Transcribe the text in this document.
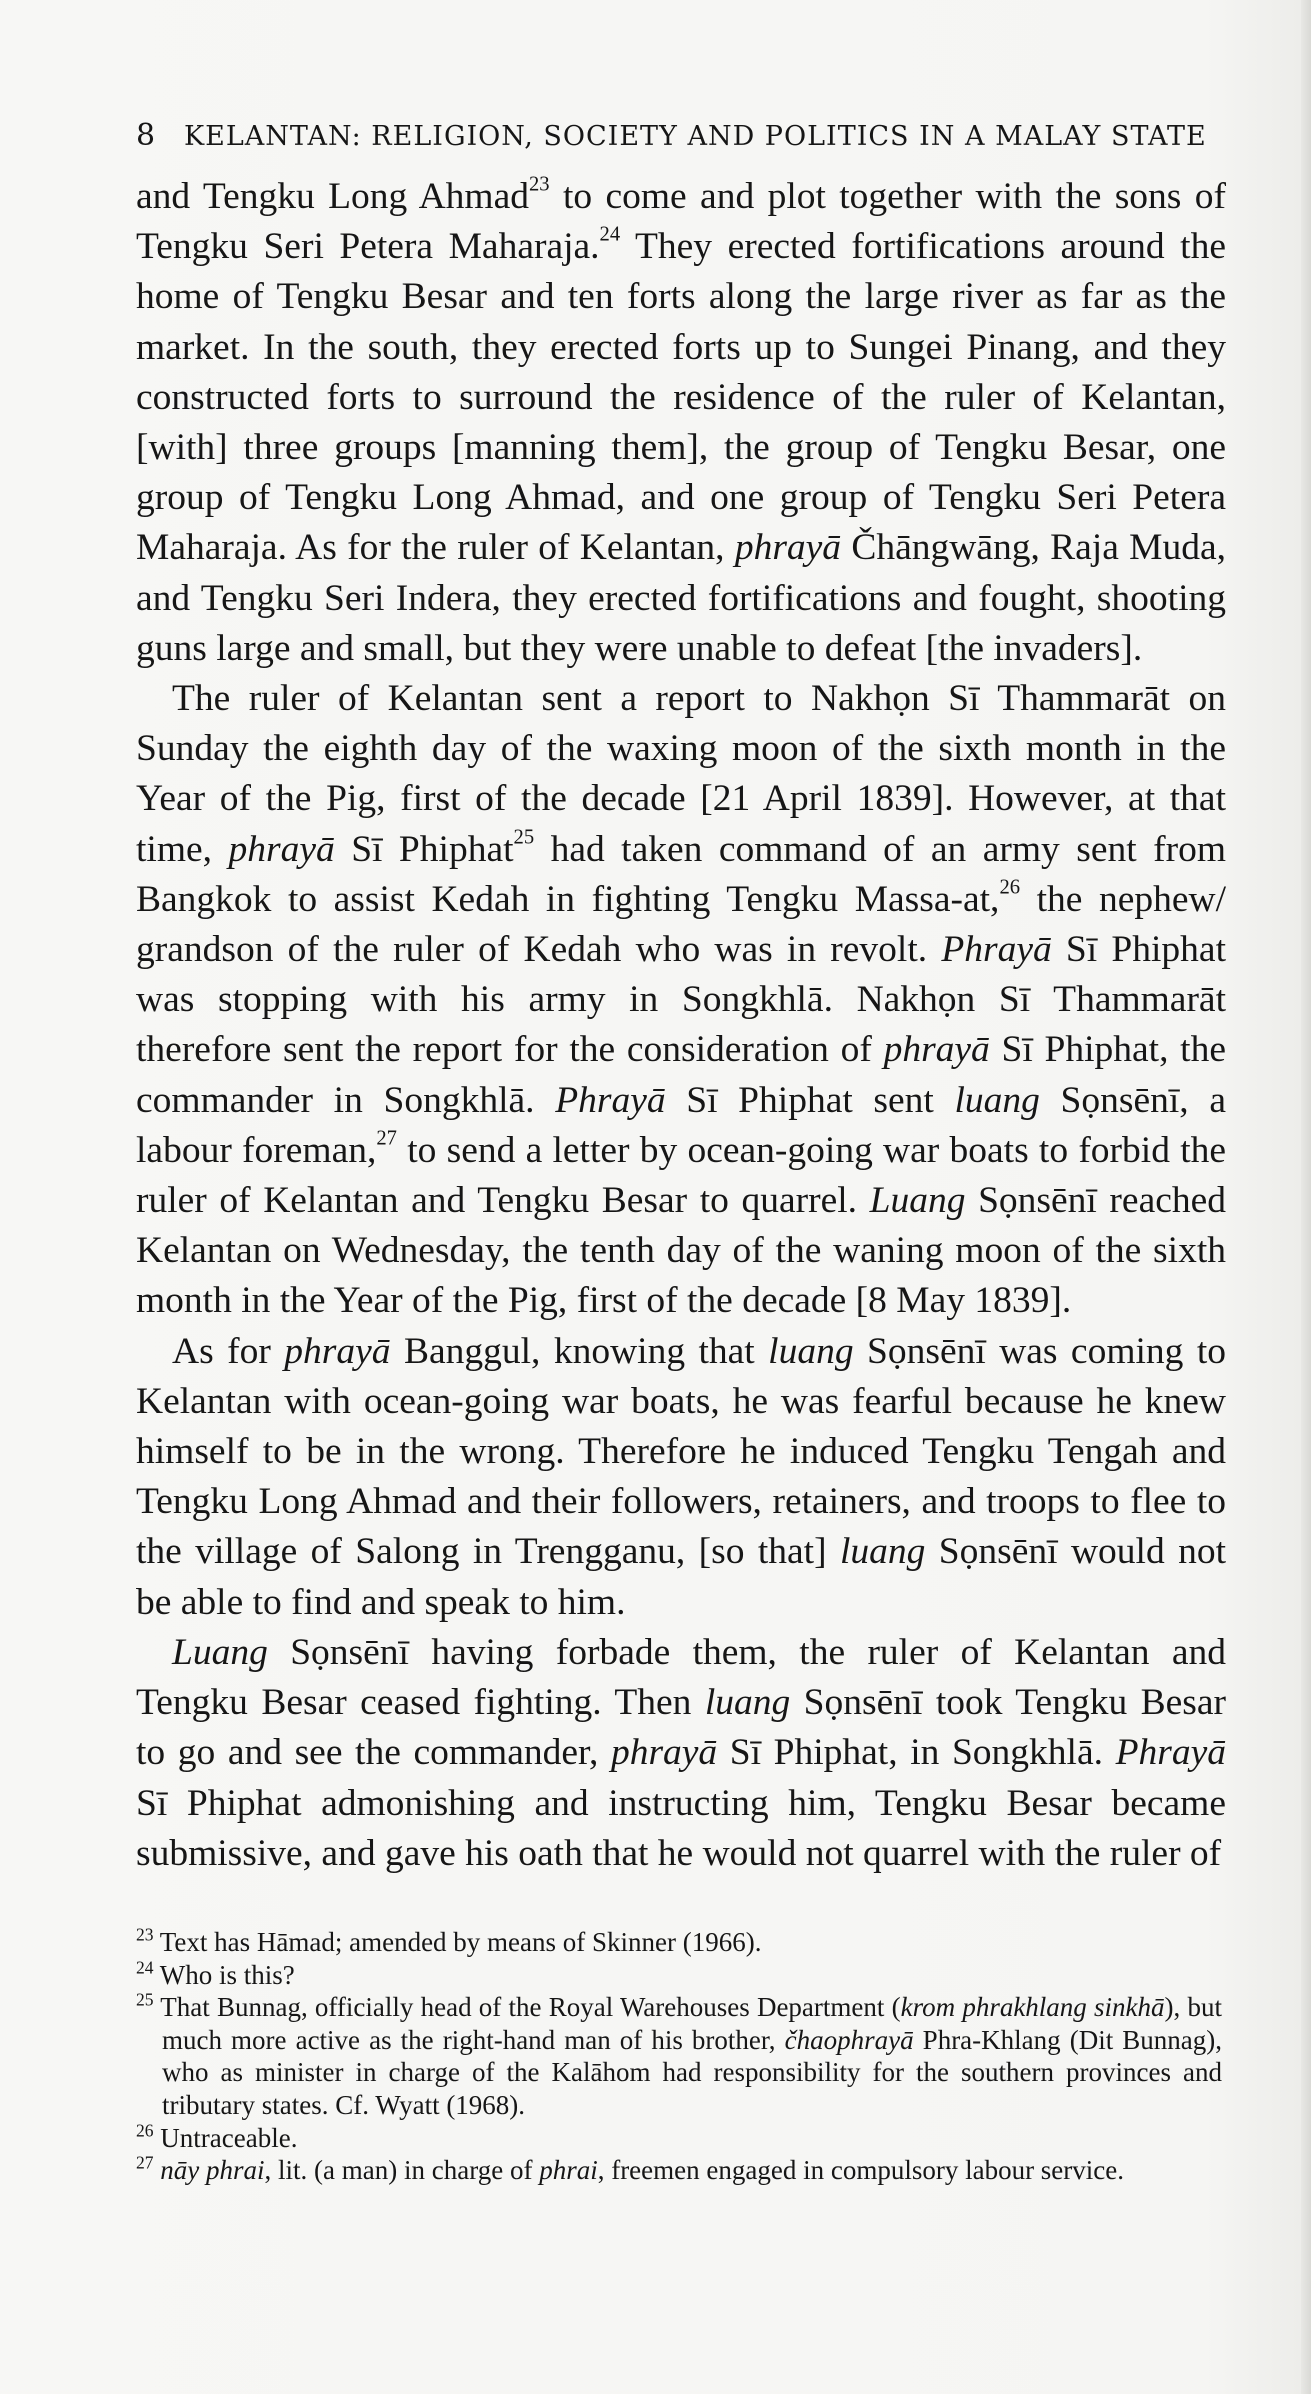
8 KELANTAN: RELIGION, SOCIETY AND POLITICS IN A MALAY STATE

and Tengku Long Ahmad$^{23}$ to come and plot together with the sons of Tengku Seri Petera Maharaja.$^{24}$ They erected fortifications around the home of Tengku Besar and ten forts along the large river as far as the market. In the south, they erected forts up to Sungei Pinang, and they constructed forts to surround the residence of the ruler of Kelantan, [with] three groups [manning them], the group of Tengku Besar, one group of Tengku Long Ahmad, and one group of Tengku Seri Petera Maharaja. As for the ruler of Kelantan, phrayā Čhāngwāng, Raja Muda, and Tengku Seri Indera, they erected fortifications and fought, shooting guns large and small, but they were unable to defeat [the invaders].

The ruler of Kelantan sent a report to Nakhọn Sī Thammarāt on Sunday the eighth day of the waxing moon of the sixth month in the Year of the Pig, first of the decade [21 April 1839]. However, at that time, phrayā Sī Phiphat$^{25}$ had taken command of an army sent from Bangkok to assist Kedah in fighting Tengku Massa-at,$^{26}$ the nephew/ grandson of the ruler of Kedah who was in revolt. Phrayā Sī Phiphat was stopping with his army in Songkhlā. Nakhọn Sī Thammarāt therefore sent the report for the consideration of phrayā Sī Phiphat, the commander in Songkhlā. Phrayā Sī Phiphat sent luang Sọnsēnī, a labour foreman,$^{27}$ to send a letter by ocean-going war boats to forbid the ruler of Kelantan and Tengku Besar to quarrel. Luang Sọnsēnī reached Kelantan on Wednesday, the tenth day of the waning moon of the sixth month in the Year of the Pig, first of the decade [8 May 1839].

As for phrayā Banggul, knowing that luang Sọnsēnī was coming to Kelantan with ocean-going war boats, he was fearful because he knew himself to be in the wrong. Therefore he induced Tengku Tengah and Tengku Long Ahmad and their followers, retainers, and troops to flee to the village of Salong in Trengganu, [so that] luang Sọnsēnī would not be able to find and speak to him.

Luang Sọnsēnī having forbade them, the ruler of Kelantan and Tengku Besar ceased fighting. Then luang Sọnsēnī took Tengku Besar to go and see the commander, phrayā Sī Phiphat, in Songkhlā. Phrayā Sī Phiphat admonishing and instructing him, Tengku Besar became submissive, and gave his oath that he would not quarrel with the ruler of

$^{23}$ Text has Hāmad; amended by means of Skinner (1966).
$^{24}$ Who is this?
$^{25}$ That Bunnag, officially head of the Royal Warehouses Department (krom phrakhlang sinkhā), but much more active as the right-hand man of his brother, čhaophrayā Phra-Khlang (Dit Bunnag), who as minister in charge of the Kalāhom had responsibility for the southern provinces and tributary states. Cf. Wyatt (1968).
$^{26}$ Untraceable.
$^{27}$ nāy phrai, lit. (a man) in charge of phrai, freemen engaged in compulsory labour service.
